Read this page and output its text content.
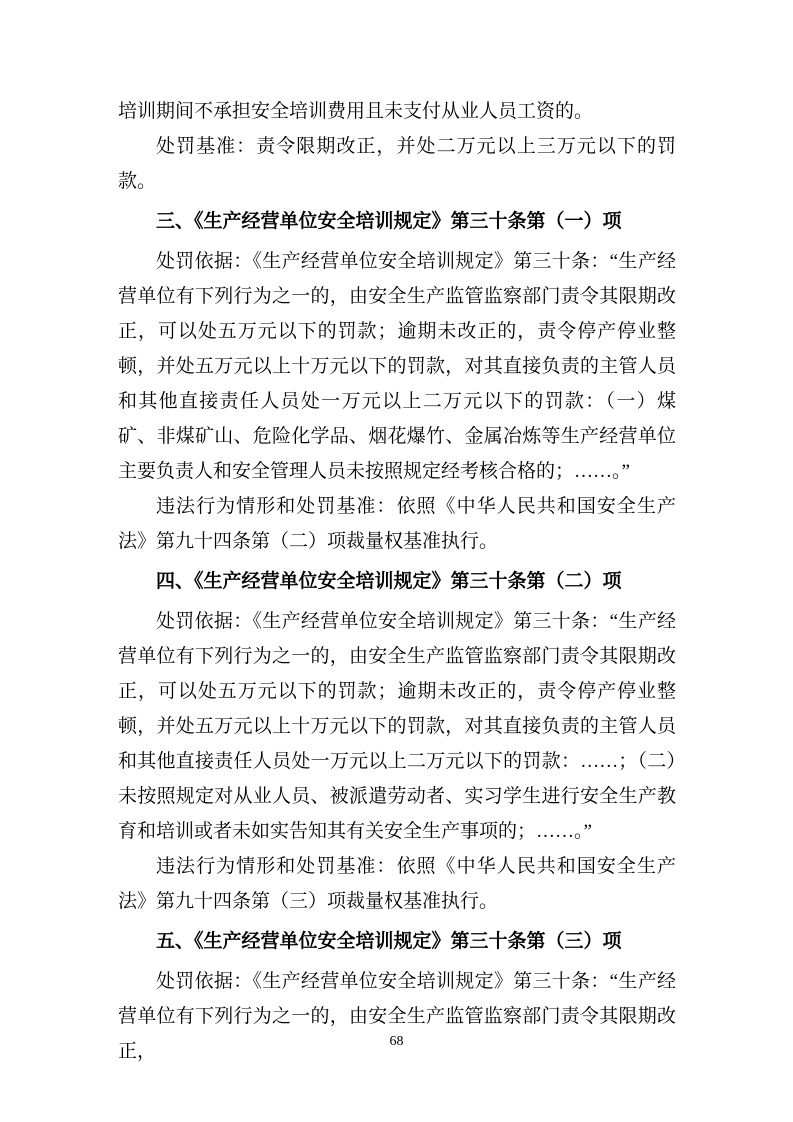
培训期间不承担安全培训费用且未支付从业人员工资的。

处罚基准：责令限期改正，并处二万元以上三万元以下的罚款。

三、《生产经营单位安全培训规定》第三十条第（一）项

处罚依据：《生产经营单位安全培训规定》第三十条：“生产经营单位有下列行为之一的，由安全生产监管监察部门责令其限期改正，可以处五万元以下的罚款；逾期未改正的，责令停产停业整顿，并处五万元以上十万元以下的罚款，对其直接负责的主管人员和其他直接责任人员处一万元以上二万元以下的罚款：（一）煤矿、非煤矿山、危险化学品、烟花爆竹、金属冶炼等生产经营单位主要负责人和安全管理人员未按照规定经考核合格的；……。”

违法行为情形和处罚基准：依照《中华人民共和国安全生产法》第九十四条第（二）项裁量权基准执行。

四、《生产经营单位安全培训规定》第三十条第（二）项

处罚依据：《生产经营单位安全培训规定》第三十条：“生产经营单位有下列行为之一的，由安全生产监管监察部门责令其限期改正，可以处五万元以下的罚款；逾期未改正的，责令停产停业整顿，并处五万元以上十万元以下的罚款，对其直接负责的主管人员和其他直接责任人员处一万元以上二万元以下的罚款：……；（二）未按照规定对从业人员、被派遣劳动者、实习学生进行安全生产教育和培训或者未如实告知其有关安全生产事项的；……。”

违法行为情形和处罚基准：依照《中华人民共和国安全生产法》第九十四条第（三）项裁量权基准执行。

五、《生产经营单位安全培训规定》第三十条第（三）项

处罚依据：《生产经营单位安全培训规定》第三十条：“生产经营单位有下列行为之一的，由安全生产监管监察部门责令其限期改正，	68
